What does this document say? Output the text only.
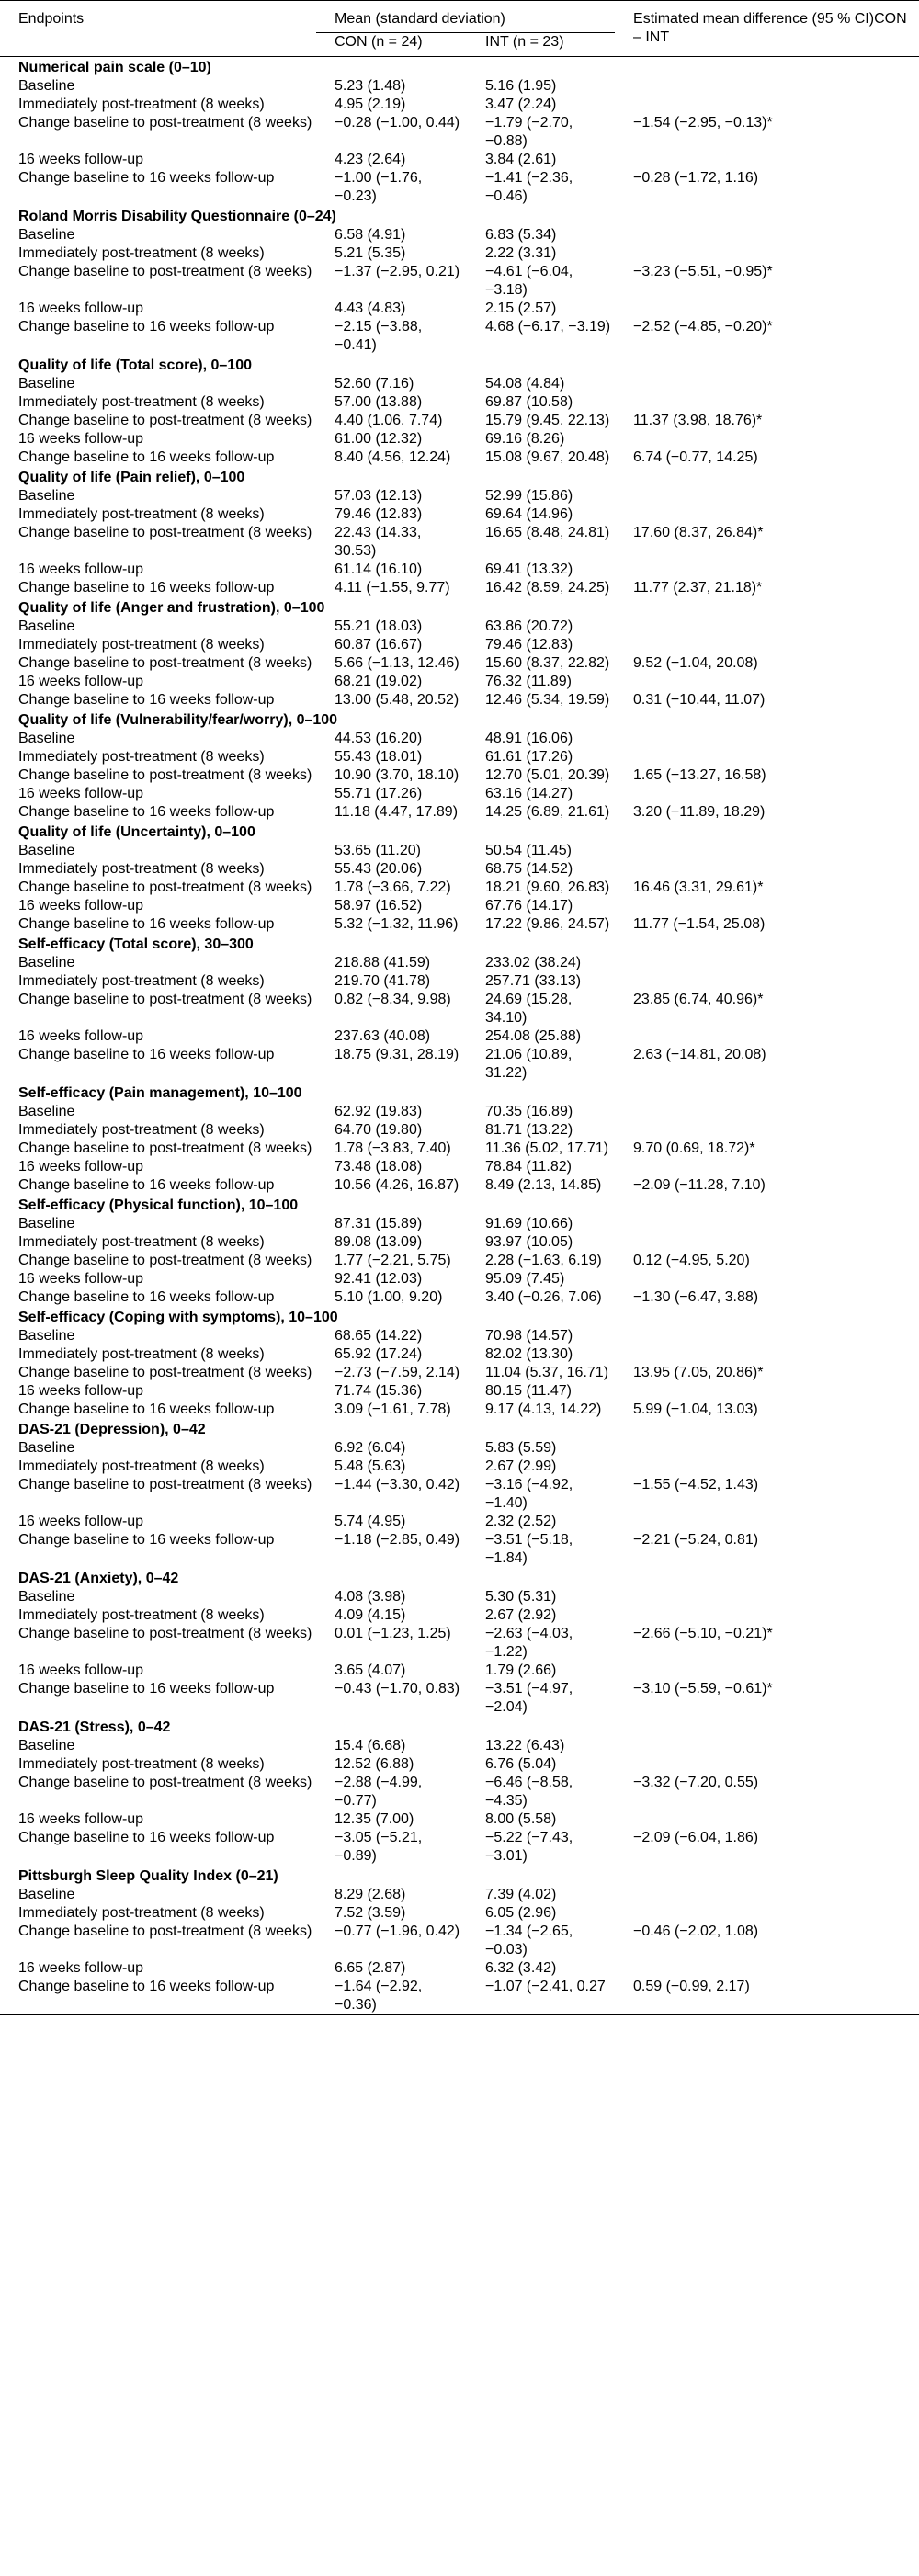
Endpoints	Mean (standard deviation)		Estimated mean difference (95 % CI)CON – INT
	CON (n = 24)	INT (n = 23)	

Numerical pain scale (0–10)			
Baseline	5.23 (1.48)	5.16 (1.95)	
Immediately post-treatment (8 weeks)	4.95 (2.19)	3.47 (2.24)	
Change baseline to post-treatment (8 weeks)	−0.28 (−1.00, 0.44)	−1.79 (−2.70, −0.88)	−1.54 (−2.95, −0.13)*
16 weeks follow-up	4.23 (2.64)	3.84 (2.61)	
Change baseline to 16 weeks follow-up	−1.00 (−1.76, −0.23)	−1.41 (−2.36, −0.46)	−0.28 (−1.72, 1.16)
Roland Morris Disability Questionnaire (0–24)			
Baseline	6.58 (4.91)	6.83 (5.34)	
Immediately post-treatment (8 weeks)	5.21 (5.35)	2.22 (3.31)	
Change baseline to post-treatment (8 weeks)	−1.37 (−2.95, 0.21)	−4.61 (−6.04, −3.18)	−3.23 (−5.51, −0.95)*
16 weeks follow-up	4.43 (4.83)	2.15 (2.57)	
Change baseline to 16 weeks follow-up	−2.15 (−3.88, −0.41)	4.68 (−6.17, −3.19)	−2.52 (−4.85, −0.20)*
Quality of life (Total score), 0–100			
Baseline	52.60 (7.16)	54.08 (4.84)	
Immediately post-treatment (8 weeks)	57.00 (13.88)	69.87 (10.58)	
Change baseline to post-treatment (8 weeks)	4.40 (1.06, 7.74)	15.79 (9.45, 22.13)	11.37 (3.98, 18.76)*
16 weeks follow-up	61.00 (12.32)	69.16 (8.26)	
Change baseline to 16 weeks follow-up	8.40 (4.56, 12.24)	15.08 (9.67, 20.48)	6.74 (−0.77, 14.25)
Quality of life (Pain relief), 0–100			
Baseline	57.03 (12.13)	52.99 (15.86)	
Immediately post-treatment (8 weeks)	79.46 (12.83)	69.64 (14.96)	
Change baseline to post-treatment (8 weeks)	22.43 (14.33, 30.53)	16.65 (8.48, 24.81)	17.60 (8.37, 26.84)*
16 weeks follow-up	61.14 (16.10)	69.41 (13.32)	
Change baseline to 16 weeks follow-up	4.11 (−1.55, 9.77)	16.42 (8.59, 24.25)	11.77 (2.37, 21.18)*
Quality of life (Anger and frustration), 0–100			
Baseline	55.21 (18.03)	63.86 (20.72)	
Immediately post-treatment (8 weeks)	60.87 (16.67)	79.46 (12.83)	
Change baseline to post-treatment (8 weeks)	5.66 (−1.13, 12.46)	15.60 (8.37, 22.82)	9.52 (−1.04, 20.08)
16 weeks follow-up	68.21 (19.02)	76.32 (11.89)	
Change baseline to 16 weeks follow-up	13.00 (5.48, 20.52)	12.46 (5.34, 19.59)	0.31 (−10.44, 11.07)
Quality of life (Vulnerability/fear/worry), 0–100			
Baseline	44.53 (16.20)	48.91 (16.06)	
Immediately post-treatment (8 weeks)	55.43 (18.01)	61.61 (17.26)	
Change baseline to post-treatment (8 weeks)	10.90 (3.70, 18.10)	12.70 (5.01, 20.39)	1.65 (−13.27, 16.58)
16 weeks follow-up	55.71 (17.26)	63.16 (14.27)	
Change baseline to 16 weeks follow-up	11.18 (4.47, 17.89)	14.25 (6.89, 21.61)	3.20 (−11.89, 18.29)
Quality of life (Uncertainty), 0–100			
Baseline	53.65 (11.20)	50.54 (11.45)	
Immediately post-treatment (8 weeks)	55.43 (20.06)	68.75 (14.52)	
Change baseline to post-treatment (8 weeks)	1.78 (−3.66, 7.22)	18.21 (9.60, 26.83)	16.46 (3.31, 29.61)*
16 weeks follow-up	58.97 (16.52)	67.76 (14.17)	
Change baseline to 16 weeks follow-up	5.32 (−1.32, 11.96)	17.22 (9.86, 24.57)	11.77 (−1.54, 25.08)
Self-efficacy (Total score), 30–300			
Baseline	218.88 (41.59)	233.02 (38.24)	
Immediately post-treatment (8 weeks)	219.70 (41.78)	257.71 (33.13)	
Change baseline to post-treatment (8 weeks)	0.82 (−8.34, 9.98)	24.69 (15.28, 34.10)	23.85 (6.74, 40.96)*
16 weeks follow-up	237.63 (40.08)	254.08 (25.88)	
Change baseline to 16 weeks follow-up	18.75 (9.31, 28.19)	21.06 (10.89, 31.22)	2.63 (−14.81, 20.08)
Self-efficacy (Pain management), 10–100			
Baseline	62.92 (19.83)	70.35 (16.89)	
Immediately post-treatment (8 weeks)	64.70 (19.80)	81.71 (13.22)	
Change baseline to post-treatment (8 weeks)	1.78 (−3.83, 7.40)	11.36 (5.02, 17.71)	9.70 (0.69, 18.72)*
16 weeks follow-up	73.48 (18.08)	78.84 (11.82)	
Change baseline to 16 weeks follow-up	10.56 (4.26, 16.87)	8.49 (2.13, 14.85)	−2.09 (−11.28, 7.10)
Self-efficacy (Physical function), 10–100			
Baseline	87.31 (15.89)	91.69 (10.66)	
Immediately post-treatment (8 weeks)	89.08 (13.09)	93.97 (10.05)	
Change baseline to post-treatment (8 weeks)	1.77 (−2.21, 5.75)	2.28 (−1.63, 6.19)	0.12 (−4.95, 5.20)
16 weeks follow-up	92.41 (12.03)	95.09 (7.45)	
Change baseline to 16 weeks follow-up	5.10 (1.00, 9.20)	3.40 (−0.26, 7.06)	−1.30 (−6.47, 3.88)
Self-efficacy (Coping with symptoms), 10–100			
Baseline	68.65 (14.22)	70.98 (14.57)	
Immediately post-treatment (8 weeks)	65.92 (17.24)	82.02 (13.30)	
Change baseline to post-treatment (8 weeks)	−2.73 (−7.59, 2.14)	11.04 (5.37, 16.71)	13.95 (7.05, 20.86)*
16 weeks follow-up	71.74 (15.36)	80.15 (11.47)	
Change baseline to 16 weeks follow-up	3.09 (−1.61, 7.78)	9.17 (4.13, 14.22)	5.99 (−1.04, 13.03)
DAS-21 (Depression), 0–42			
Baseline	6.92 (6.04)	5.83 (5.59)	
Immediately post-treatment (8 weeks)	5.48 (5.63)	2.67 (2.99)	
Change baseline to post-treatment (8 weeks)	−1.44 (−3.30, 0.42)	−3.16 (−4.92, −1.40)	−1.55 (−4.52, 1.43)
16 weeks follow-up	5.74 (4.95)	2.32 (2.52)	
Change baseline to 16 weeks follow-up	−1.18 (−2.85, 0.49)	−3.51 (−5.18, −1.84)	−2.21 (−5.24, 0.81)
DAS-21 (Anxiety), 0–42			
Baseline	4.08 (3.98)	5.30 (5.31)	
Immediately post-treatment (8 weeks)	4.09 (4.15)	2.67 (2.92)	
Change baseline to post-treatment (8 weeks)	0.01 (−1.23, 1.25)	−2.63 (−4.03, −1.22)	−2.66 (−5.10, −0.21)*
16 weeks follow-up	3.65 (4.07)	1.79 (2.66)	
Change baseline to 16 weeks follow-up	−0.43 (−1.70, 0.83)	−3.51 (−4.97, −2.04)	−3.10 (−5.59, −0.61)*
DAS-21 (Stress), 0–42			
Baseline	15.4 (6.68)	13.22 (6.43)	
Immediately post-treatment (8 weeks)	12.52 (6.88)	6.76 (5.04)	
Change baseline to post-treatment (8 weeks)	−2.88 (−4.99, −0.77)	−6.46 (−8.58, −4.35)	−3.32 (−7.20, 0.55)
16 weeks follow-up	12.35 (7.00)	8.00 (5.58)	
Change baseline to 16 weeks follow-up	−3.05 (−5.21, −0.89)	−5.22 (−7.43, −3.01)	−2.09 (−6.04, 1.86)
Pittsburgh Sleep Quality Index (0–21)			
Baseline	8.29 (2.68)	7.39 (4.02)	
Immediately post-treatment (8 weeks)	7.52 (3.59)	6.05 (2.96)	
Change baseline to post-treatment (8 weeks)	−0.77 (−1.96, 0.42)	−1.34 (−2.65, −0.03)	−0.46 (−2.02, 1.08)
16 weeks follow-up	6.65 (2.87)	6.32 (3.42)	
Change baseline to 16 weeks follow-up	−1.64 (−2.92, −0.36)	−1.07 (−2.41, 0.27	0.59 (−0.99, 2.17)
